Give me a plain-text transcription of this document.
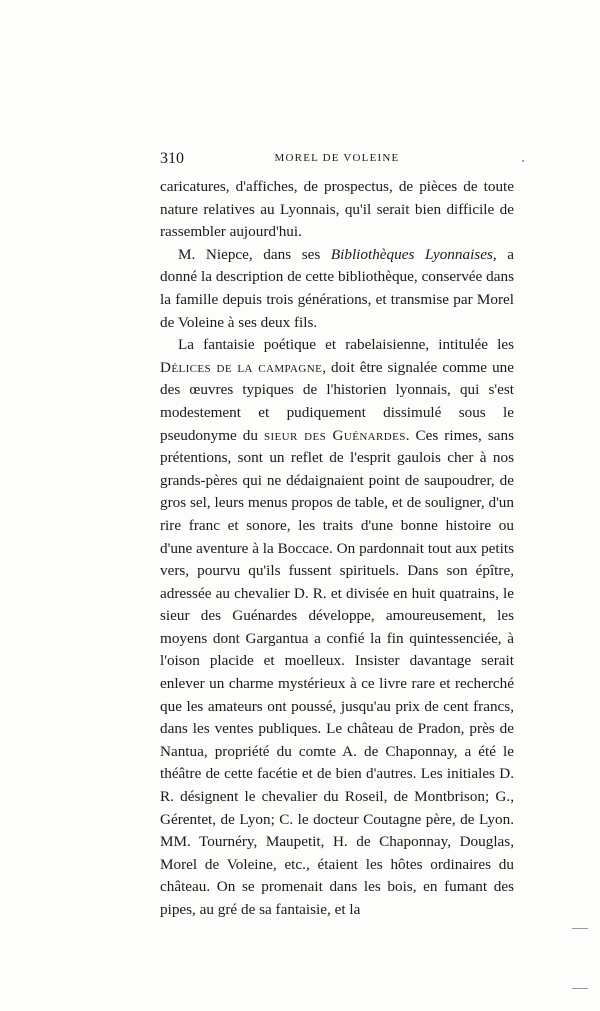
310	MOREL DE VOLEINE

caricatures, d'affiches, de prospectus, de pièces de toute nature relatives au Lyonnais, qu'il serait bien difficile de rassembler aujourd'hui.

M. Niepce, dans ses Bibliothèques Lyonnaises, a donné la description de cette bibliothèque, conservée dans la famille depuis trois générations, et transmise par Morel de Voleine à ses deux fils.

La fantaisie poétique et rabelaisienne, intitulée les Délices de la campagne, doit être signalée comme une des œuvres typiques de l'historien lyonnais, qui s'est modestement et pudiquement dissimulé sous le pseudonyme du sieur des Guénardes. Ces rimes, sans prétentions, sont un reflet de l'esprit gaulois cher à nos grands-pères qui ne dédaignaient point de saupoudrer, de gros sel, leurs menus propos de table, et de souligner, d'un rire franc et sonore, les traits d'une bonne histoire ou d'une aventure à la Boccace. On pardonnait tout aux petits vers, pourvu qu'ils fussent spirituels. Dans son épître, adressée au chevalier D. R. et divisée en huit quatrains, le sieur des Guénardes développe, amoureusement, les moyens dont Gargantua a confié la fin quintessenciée, à l'oison placide et moelleux. Insister davantage serait enlever un charme mystérieux à ce livre rare et recherché que les amateurs ont poussé, jusqu'au prix de cent francs, dans les ventes publiques. Le château de Pradon, près de Nantua, propriété du comte A. de Chaponnay, a été le théâtre de cette facétie et de bien d'autres. Les initiales D. R. désignent le chevalier du Roseil, de Montbrison; G., Gérentet, de Lyon; C. le docteur Coutagne père, de Lyon. MM. Tournéry, Maupetit, H. de Chaponnay, Douglas, Morel de Voleine, etc., étaient les hôtes ordinaires du château. On se promenait dans les bois, en fumant des pipes, au gré de sa fantaisie, et la
